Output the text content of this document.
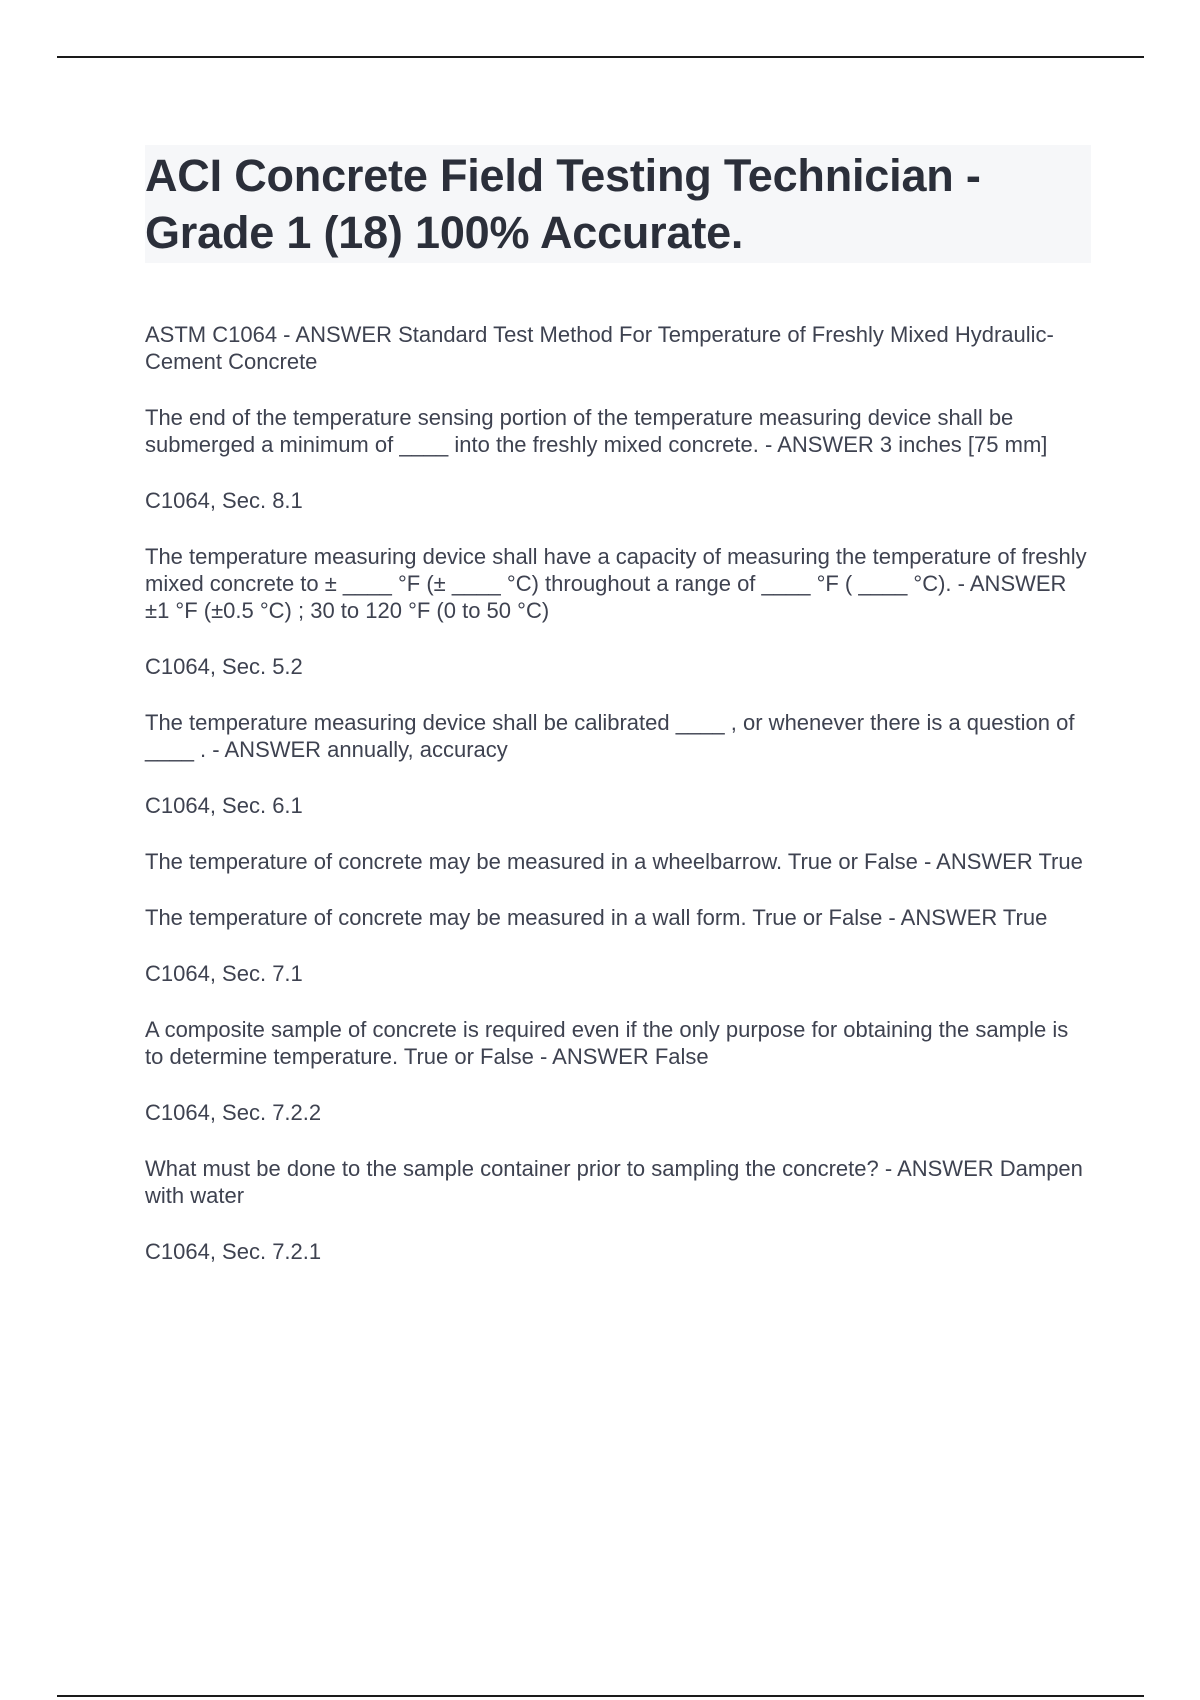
ACI Concrete Field Testing Technician - Grade 1 (18) 100% Accurate.

ASTM C1064 - ANSWER Standard Test Method For Temperature of Freshly Mixed Hydraulic-Cement Concrete

The end of the temperature sensing portion of the temperature measuring device shall be submerged a minimum of ____ into the freshly mixed concrete. - ANSWER 3 inches [75 mm]

C1064, Sec. 8.1

The temperature measuring device shall have a capacity of measuring the temperature of freshly mixed concrete to ± ____ °F (± ____ °C) throughout a range of ____ °F ( ____ °C). - ANSWER ±1 °F (±0.5 °C) ; 30 to 120 °F (0 to 50 °C)

C1064, Sec. 5.2

The temperature measuring device shall be calibrated ____ , or whenever there is a question of ____ . - ANSWER annually, accuracy

C1064, Sec. 6.1

The temperature of concrete may be measured in a wheelbarrow. True or False - ANSWER True

The temperature of concrete may be measured in a wall form. True or False - ANSWER True

C1064, Sec. 7.1

A composite sample of concrete is required even if the only purpose for obtaining the sample is to determine temperature. True or False - ANSWER False

C1064, Sec. 7.2.2

What must be done to the sample container prior to sampling the concrete? - ANSWER Dampen with water

C1064, Sec. 7.2.1
